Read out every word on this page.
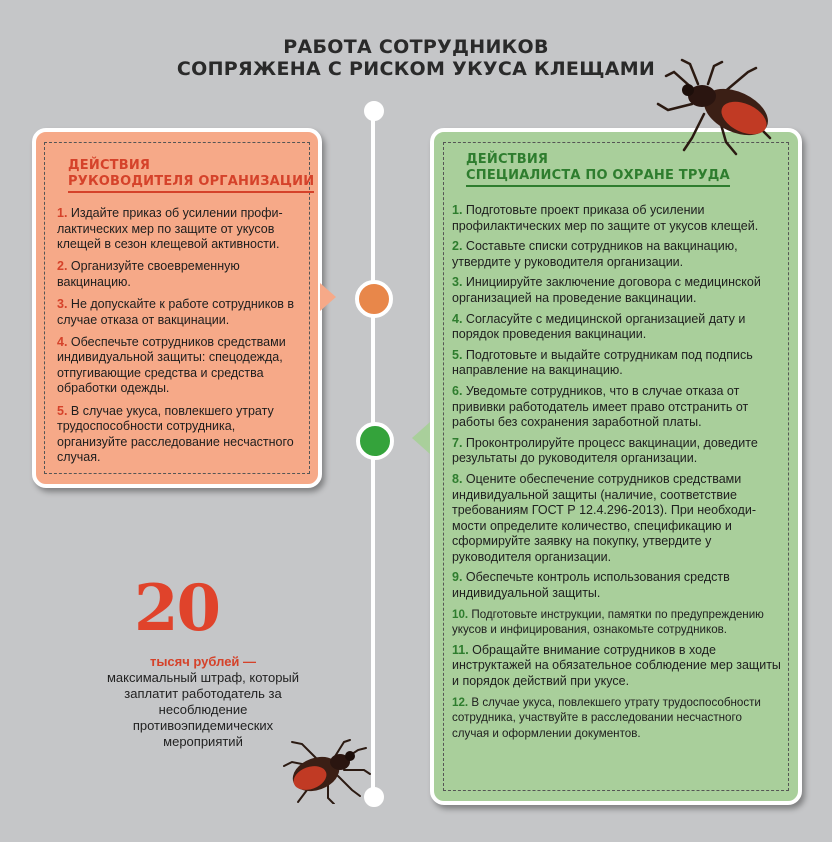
РАБОТА СОТРУДНИКОВ
СОПРЯЖЕНА С РИСКОМ УКУСА КЛЕЩАМИ
ДЕЙСТВИЯ
РУКОВОДИТЕЛЯ ОРГАНИЗАЦИИ
1. Издайте приказ об усилении профи-лактических мер по защите от укусов клещей в сезон клещевой активности.
2. Организуйте своевременную вакцинацию.
3. Не допускайте к работе сотрудников в случае отказа от вакцинации.
4. Обеспечьте сотрудников средствами индивидуальной защиты: спецодежда, отпугивающие средства и средства обработки одежды.
5. В случае укуса, повлекшего утрату трудоспособности сотрудника, организуйте расследование несчастного случая.
ДЕЙСТВИЯ
СПЕЦИАЛИСТА ПО ОХРАНЕ ТРУДА
1. Подготовьте проект приказа об усилении профилактических мер по защите от укусов клещей.
2. Составьте списки сотрудников на вакцинацию, утвердите у руководителя организации.
3. Инициируйте заключение договора с медицинской организацией на проведение вакцинации.
4. Согласуйте с медицинской организацией дату и порядок проведения вакцинации.
5. Подготовьте и выдайте сотрудникам под подпись направление на вакцинацию.
6. Уведомьте сотрудников, что в случае отказа от прививки работодатель имеет право отстранить от работы без сохранения заработной платы.
7. Проконтролируйте процесс вакцинации, доведите результаты до руководителя организации.
8. Оцените обеспечение сотрудников средствами индивидуальной защиты (наличие, соответствие требованиям ГОСТ Р 12.4.296-2013). При необходи-мости определите количество, спецификацию и сформируйте заявку на покупку, утвердите у руководителя организации.
9. Обеспечьте контроль использования средств индивидуальной защиты.
10. Подготовьте инструкции, памятки по предупреждению укусов и инфицирования, ознакомьте сотрудников.
11. Обращайте внимание сотрудников в ходе инструктажей на обязательное соблюдение мер защиты и порядок действий при укусе.
12. В случае укуса, повлекшего утрату трудоспособности сотрудника, участвуйте в расследовании несчастного случая и оформлении документов.
20
тысяч рублей —
максимальный штраф, который заплатит работодатель за несоблюдение противоэпидемических мероприятий
